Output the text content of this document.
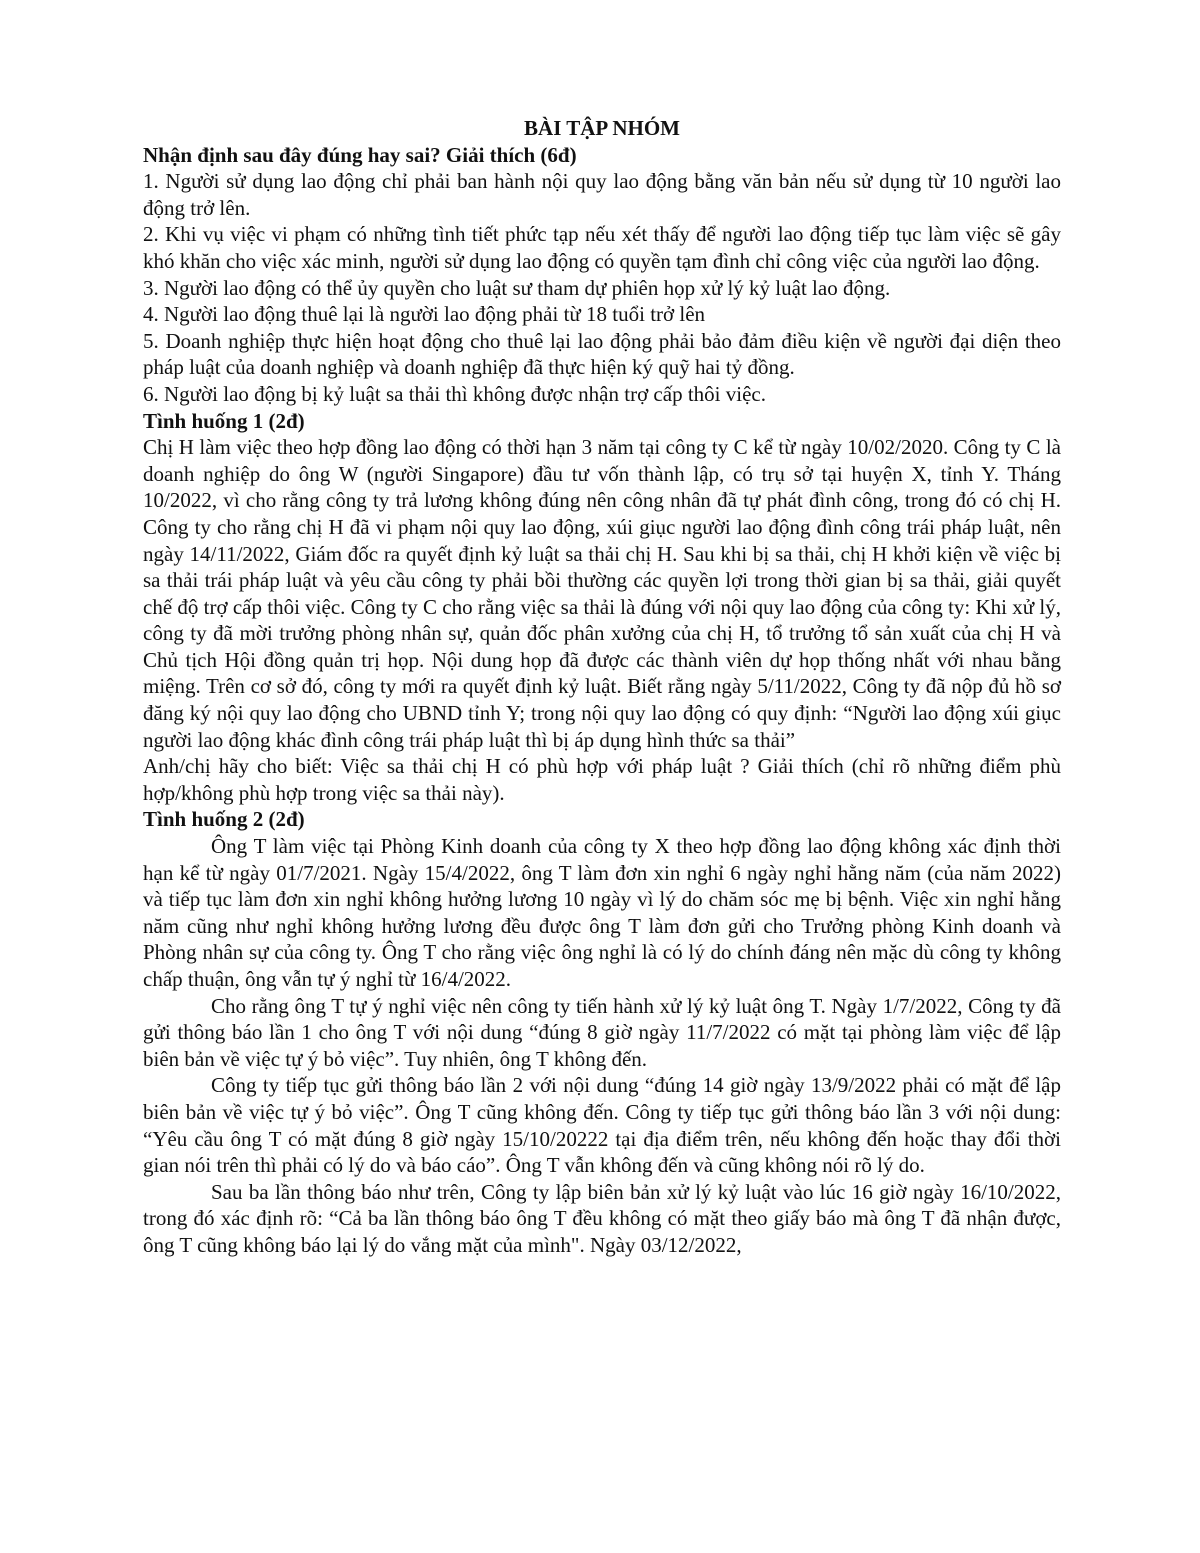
BÀI TẬP NHÓM

Nhận định sau đây đúng hay sai? Giải thích (6đ)

1. Người sử dụng lao động chỉ phải ban hành nội quy lao động bằng văn bản nếu sử dụng từ 10 người lao động trở lên.

2. Khi vụ việc vi phạm có những tình tiết phức tạp nếu xét thấy để người lao động tiếp tục làm việc sẽ gây khó khăn cho việc xác minh, người sử dụng lao động có quyền tạm đình chỉ công việc của người lao động.

3. Người lao động có thể ủy quyền cho luật sư tham dự phiên họp xử lý kỷ luật lao động.

4. Người lao động thuê lại là người lao động phải từ 18 tuổi trở lên

5. Doanh nghiệp thực hiện hoạt động cho thuê lại lao động phải bảo đảm điều kiện về người đại diện theo pháp luật của doanh nghiệp và doanh nghiệp đã thực hiện ký quỹ hai tỷ đồng.

6. Người lao động bị kỷ luật sa thải thì không được nhận trợ cấp thôi việc.

Tình huống 1 (2đ)

Chị H làm việc theo hợp đồng lao động có thời hạn 3 năm tại công ty C kể từ ngày 10/02/2020. Công ty C là doanh nghiệp do ông W (người Singapore) đầu tư vốn thành lập, có trụ sở tại huyện X, tỉnh Y. Tháng 10/2022, vì cho rằng công ty trả lương không đúng nên công nhân đã tự phát đình công, trong đó có chị H. Công ty cho rằng chị H đã vi phạm nội quy lao động, xúi giục người lao động đình công trái pháp luật, nên ngày 14/11/2022, Giám đốc ra quyết định kỷ luật sa thải chị H. Sau khi bị sa thải, chị H khởi kiện về việc bị sa thải trái pháp luật và yêu cầu công ty phải bồi thường các quyền lợi trong thời gian bị sa thải, giải quyết chế độ trợ cấp thôi việc. Công ty C cho rằng việc sa thải là đúng với nội quy lao động của công ty: Khi xử lý, công ty đã mời trưởng phòng nhân sự, quản đốc phân xưởng của chị H, tổ trưởng tổ sản xuất của chị H và Chủ tịch Hội đồng quản trị họp. Nội dung họp đã được các thành viên dự họp thống nhất với nhau bằng miệng. Trên cơ sở đó, công ty mới ra quyết định kỷ luật. Biết rằng ngày 5/11/2022, Công ty đã nộp đủ hồ sơ đăng ký nội quy lao động cho UBND tỉnh Y; trong nội quy lao động có quy định: “Người lao động xúi giục người lao động khác đình công trái pháp luật thì bị áp dụng hình thức sa thải”

Anh/chị hãy cho biết: Việc sa thải chị H có phù hợp với pháp luật ? Giải thích (chỉ rõ những điểm phù hợp/không phù hợp trong việc sa thải này).

Tình huống 2 (2đ)

Ông T làm việc tại Phòng Kinh doanh của công ty X theo hợp đồng lao động không xác định thời hạn kể từ ngày 01/7/2021. Ngày 15/4/2022, ông T làm đơn xin nghỉ 6 ngày nghỉ hằng năm (của năm 2022) và tiếp tục làm đơn xin nghỉ không hưởng lương 10 ngày vì lý do chăm sóc mẹ bị bệnh. Việc xin nghỉ hằng năm cũng như nghỉ không hưởng lương đều được ông T làm đơn gửi cho Trưởng phòng Kinh doanh và Phòng nhân sự của công ty. Ông T cho rằng việc ông nghỉ là có lý do chính đáng nên mặc dù công ty không chấp thuận, ông vẫn tự ý nghỉ từ 16/4/2022.

Cho rằng ông T tự ý nghỉ việc nên công ty tiến hành xử lý kỷ luật ông T. Ngày 1/7/2022, Công ty đã gửi thông báo lần 1 cho ông T với nội dung “đúng 8 giờ ngày 11/7/2022 có mặt tại phòng làm việc để lập biên bản về việc tự ý bỏ việc”. Tuy nhiên, ông T không đến.

Công ty tiếp tục gửi thông báo lần 2 với nội dung “đúng 14 giờ ngày 13/9/2022 phải có mặt để lập biên bản về việc tự ý bỏ việc”. Ông T cũng không đến. Công ty tiếp tục gửi thông báo lần 3 với nội dung: “Yêu cầu ông T có mặt đúng 8 giờ ngày 15/10/20222 tại địa điểm trên, nếu không đến hoặc thay đổi thời gian nói trên thì phải có lý do và báo cáo”. Ông T vẫn không đến và cũng không nói rõ lý do.

Sau ba lần thông báo như trên, Công ty lập biên bản xử lý kỷ luật vào lúc 16 giờ ngày 16/10/2022, trong đó xác định rõ: “Cả ba lần thông báo ông T đều không có mặt theo giấy báo mà ông T đã nhận được, ông T cũng không báo lại lý do vắng mặt của mình". Ngày 03/12/2022,
